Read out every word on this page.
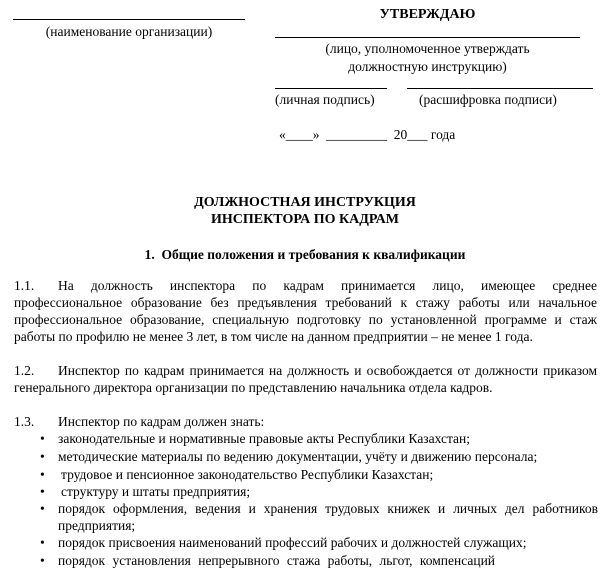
(наименование организации)
УТВЕРЖДАЮ
(лицо, уполномоченное утверждать
должностную инструкцию)
(личная подпись)	(расшифровка подписи)
«____»  _________  20___ года
ДОЛЖНОСТНАЯ ИНСТРУКЦИЯ
ИНСПЕКТОРА ПО КАДРАМ
1.  Общие положения и требования к квалификации
1.1. На должность инспектора по кадрам принимается лицо, имеющее среднее профессиональное образование без предъявления требований к стажу работы или начальное профессиональное образование, специальную подготовку по установленной программе и стаж работы по профилю не менее 3 лет, в том числе на данном предприятии – не менее 1 года.
1.2. Инспектор по кадрам принимается на должность и освобождается от должности приказом генерального директора организации по представлению начальника отдела кадров.
1.3. Инспектор по кадрам должен знать:
• законодательные и нормативные правовые акты Республики Казахстан;
• методические материалы по ведению документации, учёту и движению персонала;
• трудовое и пенсионное законодательство Республики Казахстан;
• структуру и штаты предприятия;
• порядок оформления, ведения и хранения трудовых книжек и личных дел работников предприятия;
• порядок присвоения наименований профессий рабочих и должностей служащих;
• порядок установления непрерывного стажа работы, льгот, компенсаций
